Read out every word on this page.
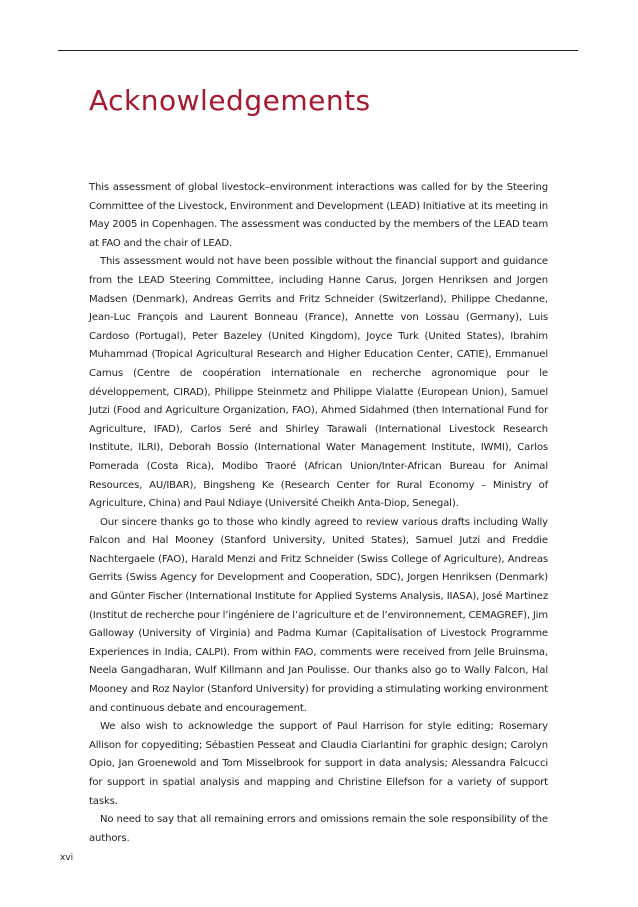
Acknowledgements

This assessment of global livestock–environment interactions was called for by the Steering Committee of the Livestock, Environment and Development (LEAD) Initiative at its meeting in May 2005 in Copenhagen. The assessment was conducted by the members of the LEAD team at FAO and the chair of LEAD.

This assessment would not have been possible without the financial support and guidance from the LEAD Steering Committee, including Hanne Carus, Jorgen Henriksen and Jorgen Madsen (Denmark), Andreas Gerrits and Fritz Schneider (Switzerland), Philippe Chedanne, Jean-Luc François and Laurent Bonneau (France), Annette von Lossau (Germany), Luis Cardoso (Portugal), Peter Bazeley (United Kingdom), Joyce Turk (United States), Ibrahim Muhammad (Tropical Agricultural Research and Higher Education Center, CATIE), Emmanuel Camus (Centre de coopération internationale en recherche agronomique pour le développement, CIRAD), Philippe Steinmetz and Philippe Vialatte (European Union), Samuel Jutzi (Food and Agriculture Organization, FAO), Ahmed Sidahmed (then International Fund for Agriculture, IFAD), Carlos Seré and Shirley Tarawali (International Livestock Research Institute, ILRI), Deborah Bossio (International Water Management Institute, IWMI), Carlos Pomerada (Costa Rica), Modibo Traoré (African Union/Inter-African Bureau for Animal Resources, AU/IBAR), Bingsheng Ke (Research Center for Rural Economy – Ministry of Agriculture, China) and Paul Ndiaye (Université Cheikh Anta-Diop, Senegal).

Our sincere thanks go to those who kindly agreed to review various drafts including Wally Falcon and Hal Mooney (Stanford University, United States), Samuel Jutzi and Freddie Nachtergaele (FAO), Harald Menzi and Fritz Schneider (Swiss College of Agriculture), Andreas Gerrits (Swiss Agency for Development and Cooperation, SDC), Jorgen Henriksen (Denmark) and Günter Fischer (International Institute for Applied Systems Analysis, IIASA), José Martinez (Institut de recherche pour l’ingéniere de l’agriculture et de l’environnement, CEMAGREF), Jim Galloway (University of Virginia) and Padma Kumar (Capitalisation of Livestock Programme Experiences in India, CALPI). From within FAO, comments were received from Jelle Bruinsma, Neela Gangadharan, Wulf Killmann and Jan Poulisse. Our thanks also go to Wally Falcon, Hal Mooney and Roz Naylor (Stanford University) for providing a stimulating working environment and continuous debate and encouragement.

We also wish to acknowledge the support of Paul Harrison for style editing; Rosemary Allison for copyediting; Sébastien Pesseat and Claudia Ciarlantini for graphic design; Carolyn Opio, Jan Groenewold and Tom Misselbrook for support in data analysis; Alessandra Falcucci for support in spatial analysis and mapping and Christine Ellefson for a variety of support tasks.

No need to say that all remaining errors and omissions remain the sole responsibility of the authors.

xvi
